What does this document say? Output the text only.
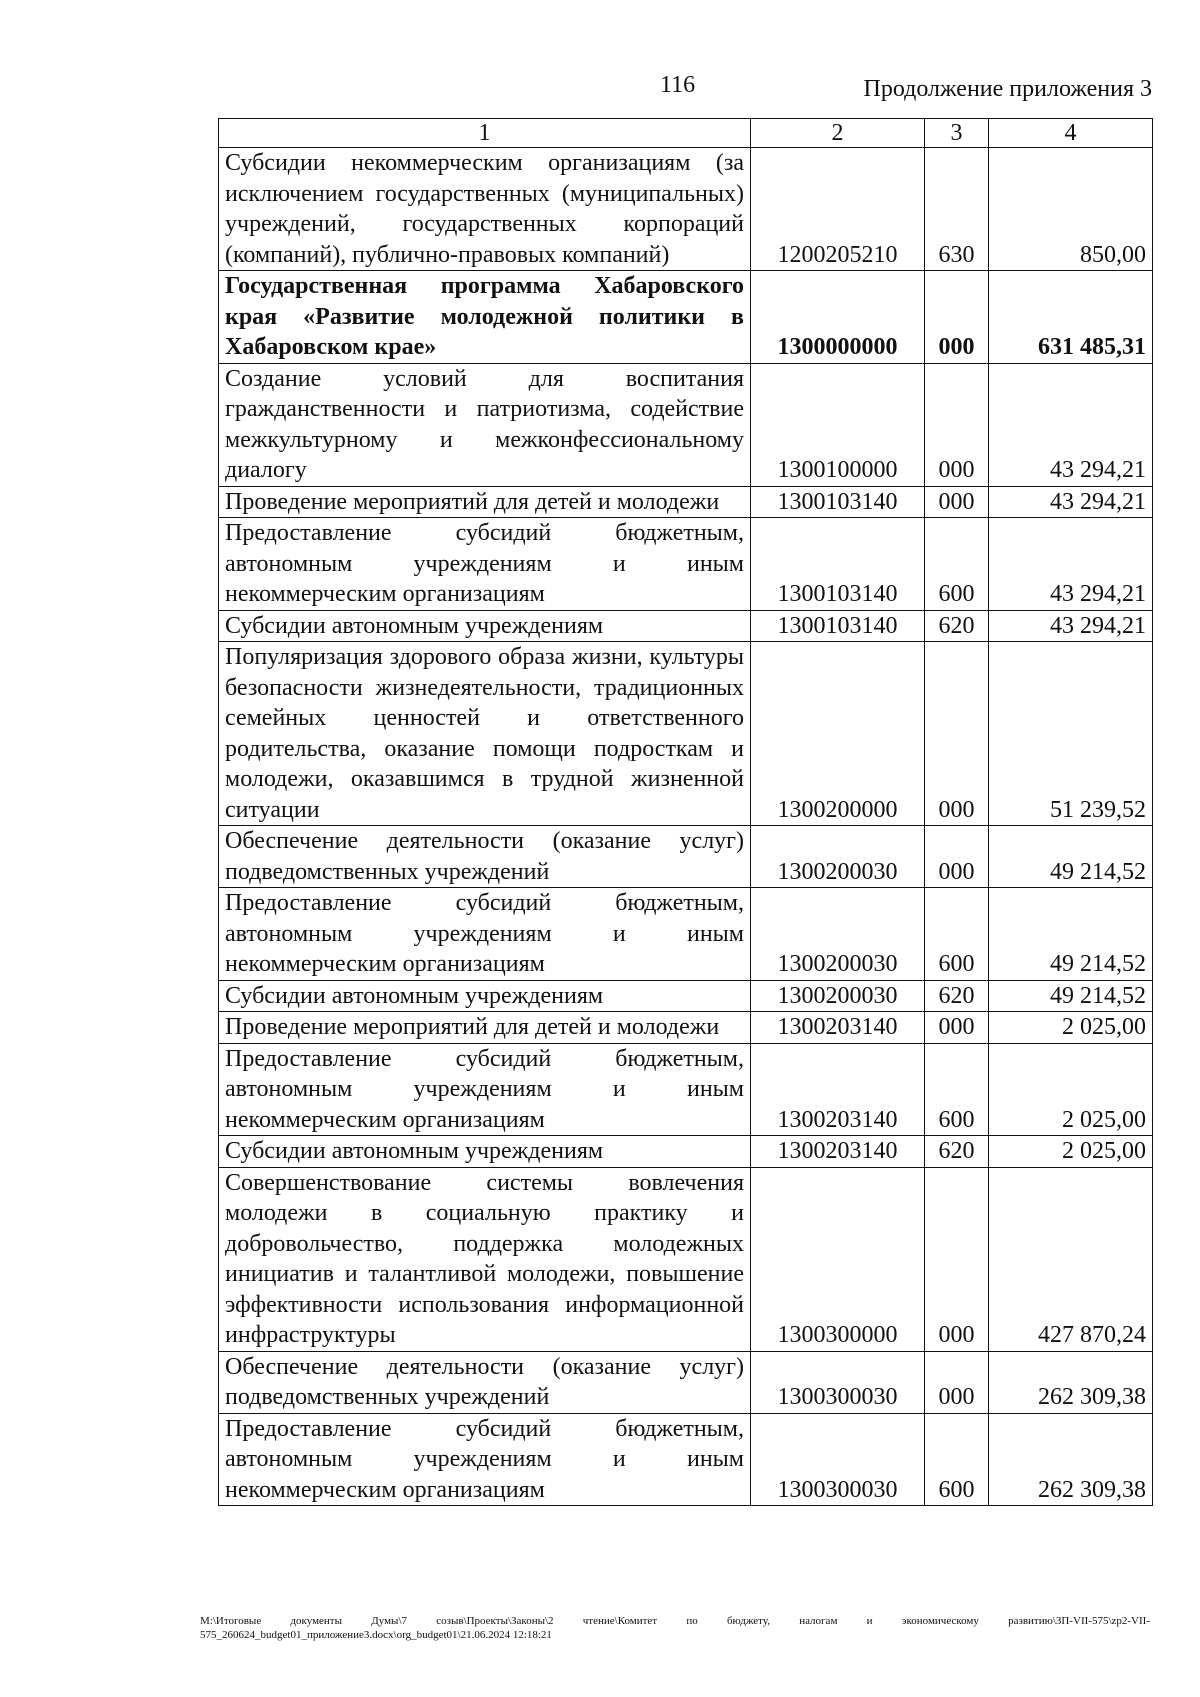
116	Продолжение приложения 3
1	2	3	4
Субсидии некоммерческим организациям (за исключением государственных (муниципальных) учреждений, государственных корпораций (компаний), публично-правовых компаний)	1200205210	630	850,00
Государственная программа Хабаровского края «Развитие молодежной политики в Хабаровском крае»	1300000000	000	631 485,31
Создание условий для воспитания гражданственности и патриотизма, содействие межкультурному и межконфессиональному диалогу	1300100000	000	43 294,21
Проведение мероприятий для детей и молодежи	1300103140	000	43 294,21
Предоставление субсидий бюджетным, автономным учреждениям и иным некоммерческим организациям	1300103140	600	43 294,21
Субсидии автономным учреждениям	1300103140	620	43 294,21
Популяризация здорового образа жизни, культуры безопасности жизнедеятельности, традиционных семейных ценностей и ответственного родительства, оказание помощи подросткам и молодежи, оказавшимся в трудной жизненной ситуации	1300200000	000	51 239,52
Обеспечение деятельности (оказание услуг) подведомственных учреждений	1300200030	000	49 214,52
Предоставление субсидий бюджетным, автономным учреждениям и иным некоммерческим организациям	1300200030	600	49 214,52
Субсидии автономным учреждениям	1300200030	620	49 214,52
Проведение мероприятий для детей и молодежи	1300203140	000	2 025,00
Предоставление субсидий бюджетным, автономным учреждениям и иным некоммерческим организациям	1300203140	600	2 025,00
Субсидии автономным учреждениям	1300203140	620	2 025,00
Совершенствование системы вовлечения молодежи в социальную практику и добровольчество, поддержка молодежных инициатив и талантливой молодежи, повышение эффективности использования информационной инфраструктуры	1300300000	000	427 870,24
Обеспечение деятельности (оказание услуг) подведомственных учреждений	1300300030	000	262 309,38
Предоставление субсидий бюджетным, автономным учреждениям и иным некоммерческим организациям	1300300030	600	262 309,38
M:\Итоговые документы Думы\7 созыв\Проекты\Законы\2 чтение\Комитет по бюджету, налогам и экономическому развитию\ЗП-VII-575\zp2-VII-575_260624_budget01_приложение3.docx\org_budget01\21.06.2024 12:18:21
